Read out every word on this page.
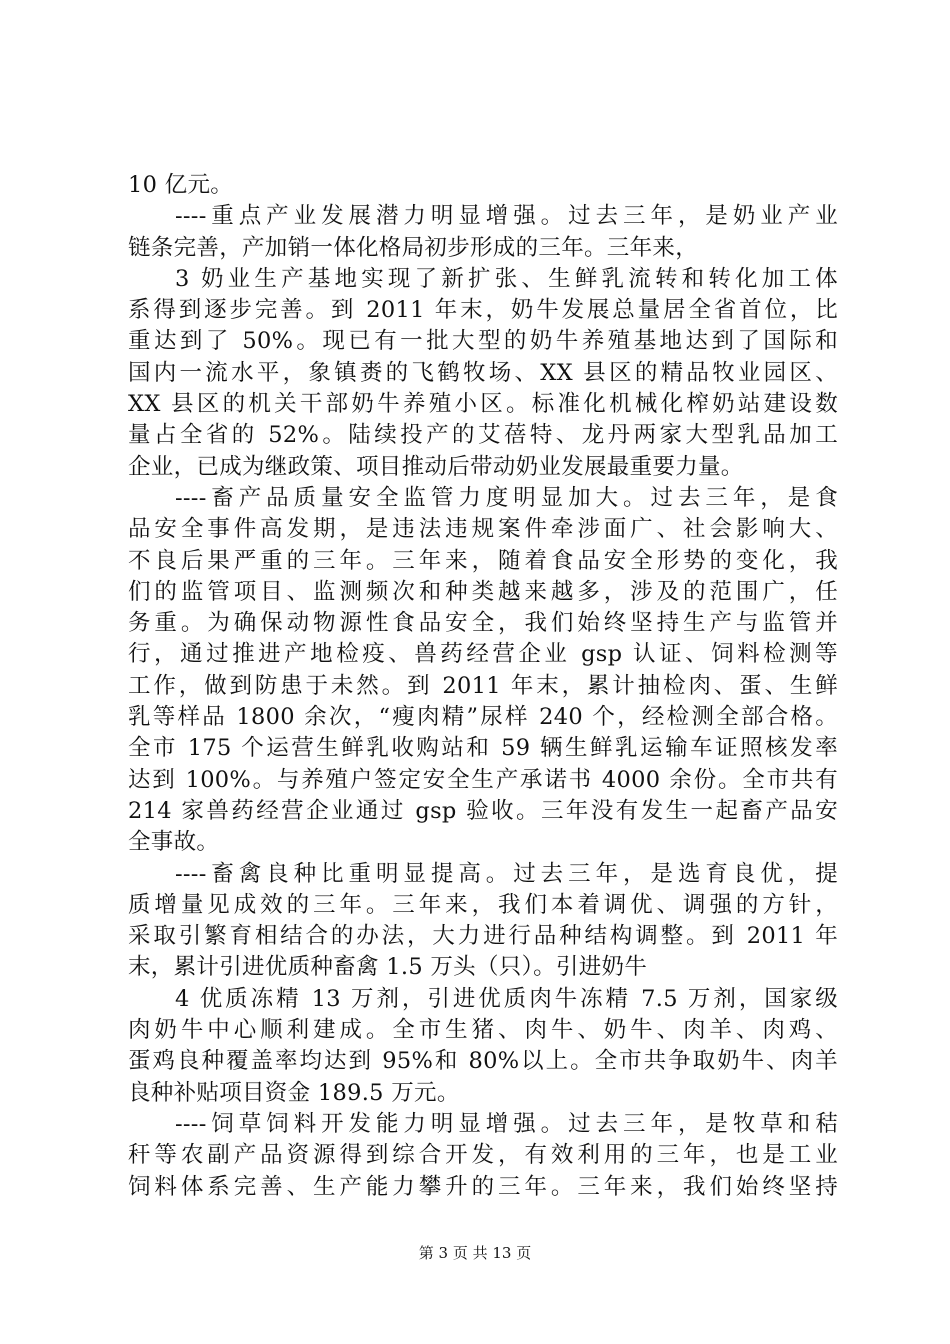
10 亿元。
----重点产业发展潜力明显增强。过去三年，是奶业产业
链条完善，产加销一体化格局初步形成的三年。三年来，
3 奶业生产基地实现了新扩张、生鲜乳流转和转化加工体
系得到逐步完善。到 2011 年末，奶牛发展总量居全省首位，比
重达到了 50%。现已有一批大型的奶牛养殖基地达到了国际和
国内一流水平，象镇赉的飞鹤牧场、XX 县区的精品牧业园区、
XX 县区的机关干部奶牛养殖小区。标准化机械化榨奶站建设数
量占全省的 52%。陆续投产的艾蓓特、龙丹两家大型乳品加工
企业，已成为继政策、项目推动后带动奶业发展最重要力量。
----畜产品质量安全监管力度明显加大。过去三年，是食
品安全事件高发期，是违法违规案件牵涉面广、社会影响大、
不良后果严重的三年。三年来，随着食品安全形势的变化，我
们的监管项目、监测频次和种类越来越多，涉及的范围广，任
务重。为确保动物源性食品安全，我们始终坚持生产与监管并
行，通过推进产地检疫、兽药经营企业 gsp 认证、饲料检测等
工作，做到防患于未然。到 2011 年末，累计抽检肉、蛋、生鲜
乳等样品 1800 余次，“瘦肉精”尿样 240 个，经检测全部合格。
全市 175 个运营生鲜乳收购站和 59 辆生鲜乳运输车证照核发率
达到 100%。与养殖户签定安全生产承诺书 4000 余份。全市共有
214 家兽药经营企业通过 gsp 验收。三年没有发生一起畜产品安
全事故。
----畜禽良种比重明显提高。过去三年，是选育良优，提
质增量见成效的三年。三年来，我们本着调优、调强的方针，
采取引繁育相结合的办法，大力进行品种结构调整。到 2011 年
末，累计引进优质种畜禽 1.5 万头（只）。引进奶牛
4 优质冻精 13 万剂，引进优质肉牛冻精 7.5 万剂，国家级
肉奶牛中心顺利建成。全市生猪、肉牛、奶牛、肉羊、肉鸡、
蛋鸡良种覆盖率均达到 95%和 80%以上。全市共争取奶牛、肉羊
良种补贴项目资金 189.5 万元。
----饲草饲料开发能力明显增强。过去三年，是牧草和秸
秆等农副产品资源得到综合开发，有效利用的三年，也是工业
饲料体系完善、生产能力攀升的三年。三年来，我们始终坚持
第 3 页 共 13 页
